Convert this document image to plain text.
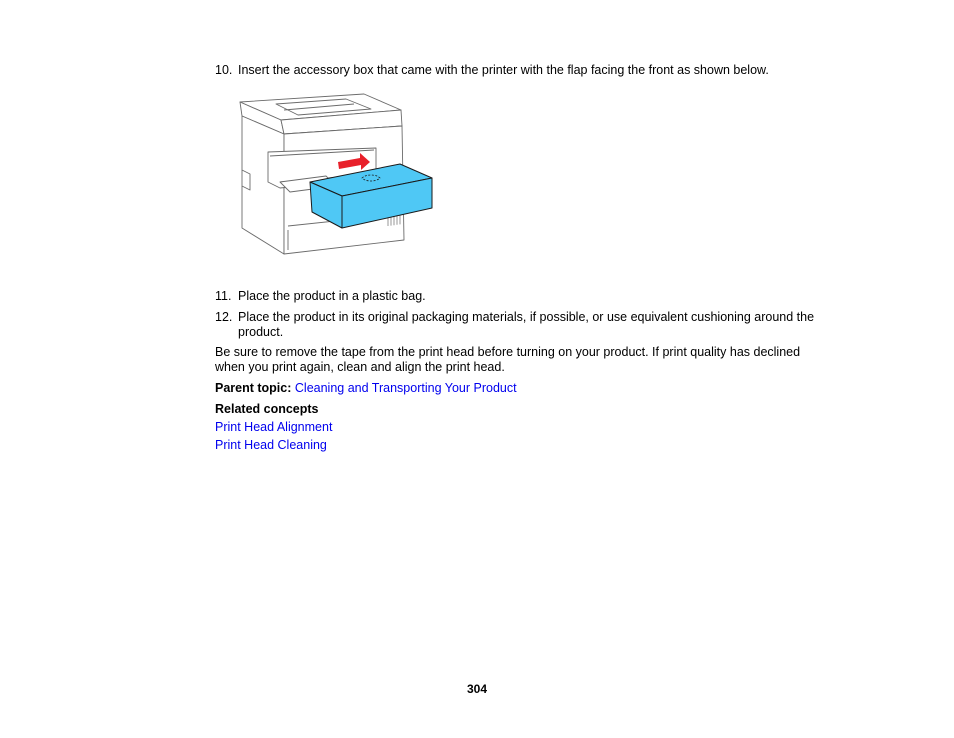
10. Insert the accessory box that came with the printer with the flap facing the front as shown below.
11. Place the product in a plastic bag.
12. Place the product in its original packaging materials, if possible, or use equivalent cushioning around the product.
Be sure to remove the tape from the print head before turning on your product. If print quality has declined when you print again, clean and align the print head.
Parent topic: Cleaning and Transporting Your Product
Related concepts
Print Head Alignment
Print Head Cleaning
304
